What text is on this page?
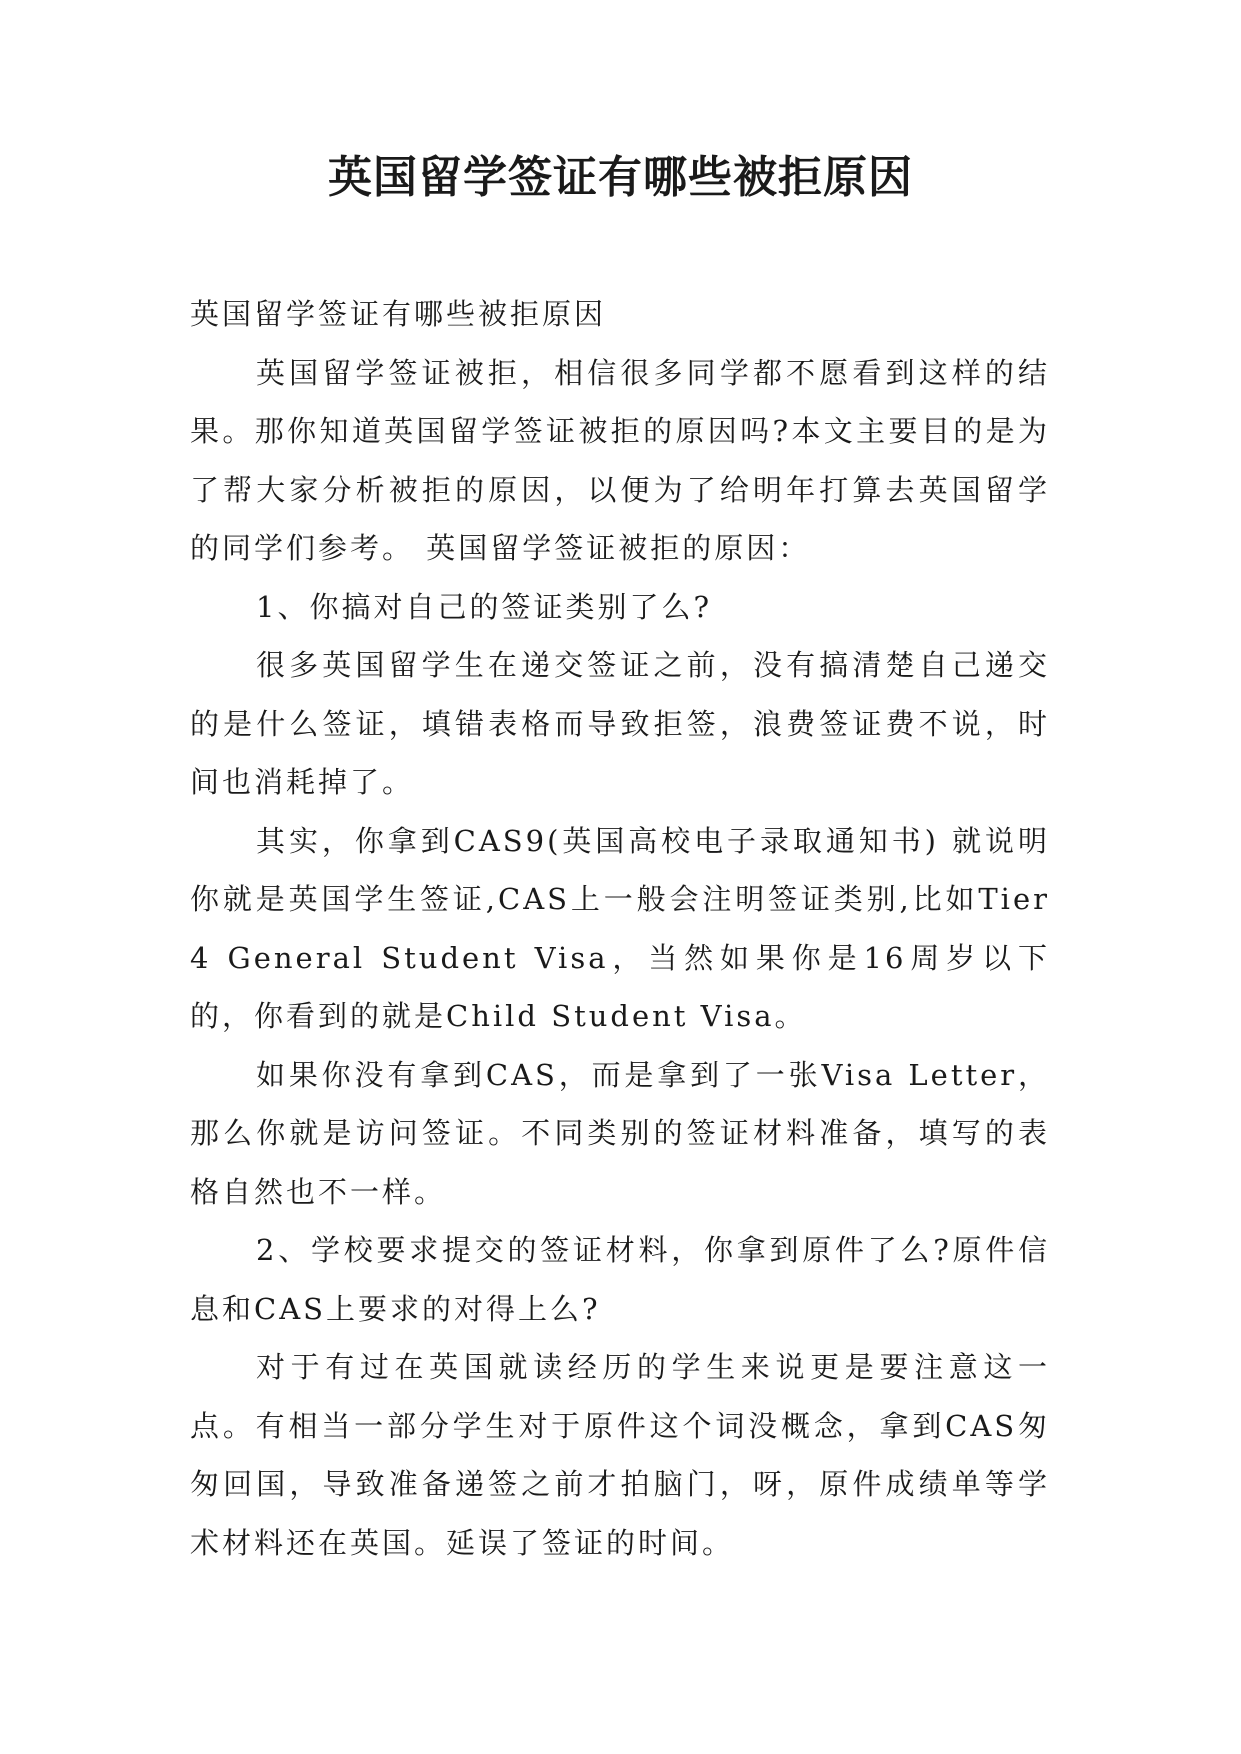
英国留学签证有哪些被拒原因

英国留学签证有哪些被拒原因

英国留学签证被拒，相信很多同学都不愿看到这样的结果。那你知道英国留学签证被拒的原因吗?本文主要目的是为了帮大家分析被拒的原因，以便为了给明年打算去英国留学的同学们参考。 英国留学签证被拒的原因：

1、你搞对自己的签证类别了么?

很多英国留学生在递交签证之前，没有搞清楚自己递交的是什么签证，填错表格而导致拒签，浪费签证费不说，时间也消耗掉了。

其实，你拿到CAS9(英国高校电子录取通知书) 就说明你就是英国学生签证,CAS上一般会注明签证类别,比如Tier 4 General Student Visa，当然如果你是16周岁以下的，你看到的就是Child Student Visa。

如果你没有拿到CAS，而是拿到了一张Visa Letter，那么你就是访问签证。不同类别的签证材料准备，填写的表格自然也不一样。

2、学校要求提交的签证材料，你拿到原件了么?原件信息和CAS上要求的对得上么?

对于有过在英国就读经历的学生来说更是要注意这一点。有相当一部分学生对于原件这个词没概念，拿到CAS匆匆回国，导致准备递签之前才拍脑门，呀，原件成绩单等学术材料还在英国。延误了签证的时间。
